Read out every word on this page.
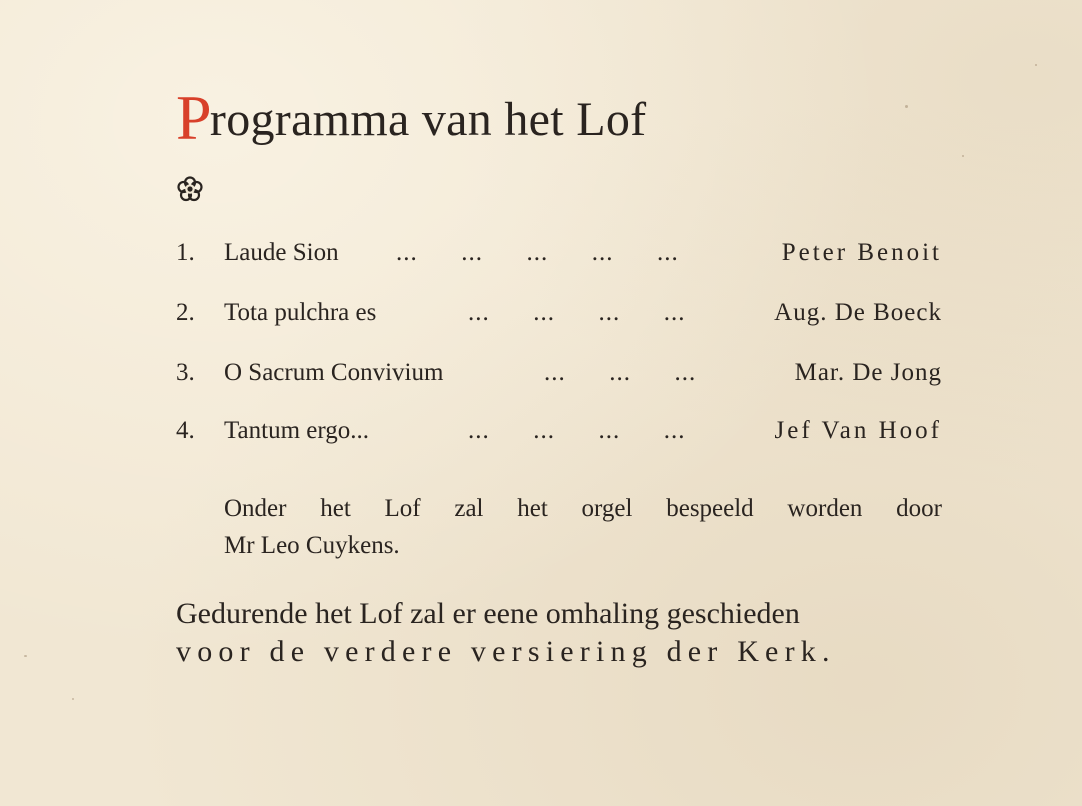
Programma van het Lof
1. Laude Sion ...      ...      ...      ...      ...	Peter Benoit
2. Tota pulchra es	...      ...      ...      ...	Aug. De Boeck
3. O Sacrum Convivium	...      ...      ...	Mar. De Jong
4. Tantum ergo...	...      ...      ...      ...	Jef Van Hoof
Onder het Lof zal het orgel bespeeld worden door
Mr Leo Cuykens.
Gedurende het Lof zal er eene omhaling geschieden
voor de verdere versiering der Kerk.
